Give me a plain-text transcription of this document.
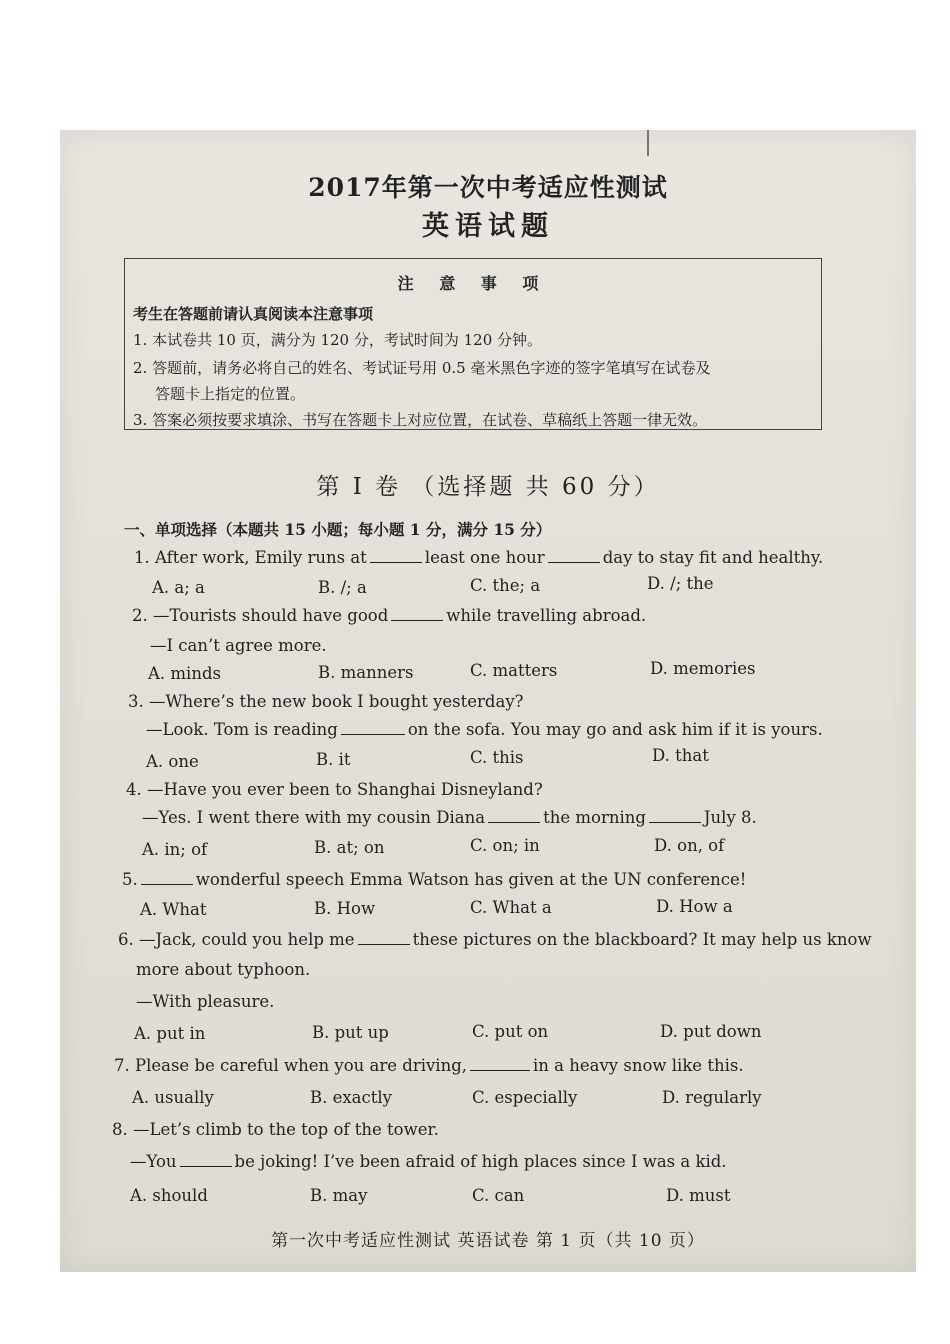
2017年第一次中考适应性测试
英语试题
注 意 事 项
考生在答题前请认真阅读本注意事项
1. 本试卷共 10 页，满分为 120 分，考试时间为 120 分钟。
2. 答题前，请务必将自己的姓名、考试证号用 0.5 毫米黑色字迹的签字笔填写在试卷及
答题卡上指定的位置。
3. 答案必须按要求填涂、书写在答题卡上对应位置，在试卷、草稿纸上答题一律无效。
第 I 卷 （选择题 共 60 分）
一、单项选择（本题共 15 小题；每小题 1 分，满分 15 分）
1. After work, Emily runs at	least one hour	day to stay fit and healthy.
A. a; a	B. /; a	C. the; a	D. /; the
2. —Tourists should have good	while travelling abroad.
—I can’t agree more.
A. minds	B. manners	C. matters	D. memories
3. —Where’s the new book I bought yesterday?
—Look. Tom is reading	on the sofa. You may go and ask him if it is yours.
A. one	B. it	C. this	D. that
4. —Have you ever been to Shanghai Disneyland?
—Yes. I went there with my cousin Diana	the morning	July 8.
A. in; of	B. at; on	C. on; in	D. on, of
5.	wonderful speech Emma Watson has given at the UN conference!
A. What	B. How	C. What a	D. How a
6. —Jack, could you help me	these pictures on the blackboard? It may help us know
more about typhoon.
—With pleasure.
A. put in	B. put up	C. put on	D. put down
7. Please be careful when you are driving,	in a heavy snow like this.
A. usually	B. exactly	C. especially	D. regularly
8. —Let’s climb to the top of the tower.
—You	be joking! I’ve been afraid of high places since I was a kid.
A. should	B. may	C. can	D. must
第一次中考适应性测试 英语试卷 第 1 页（共 10 页）
